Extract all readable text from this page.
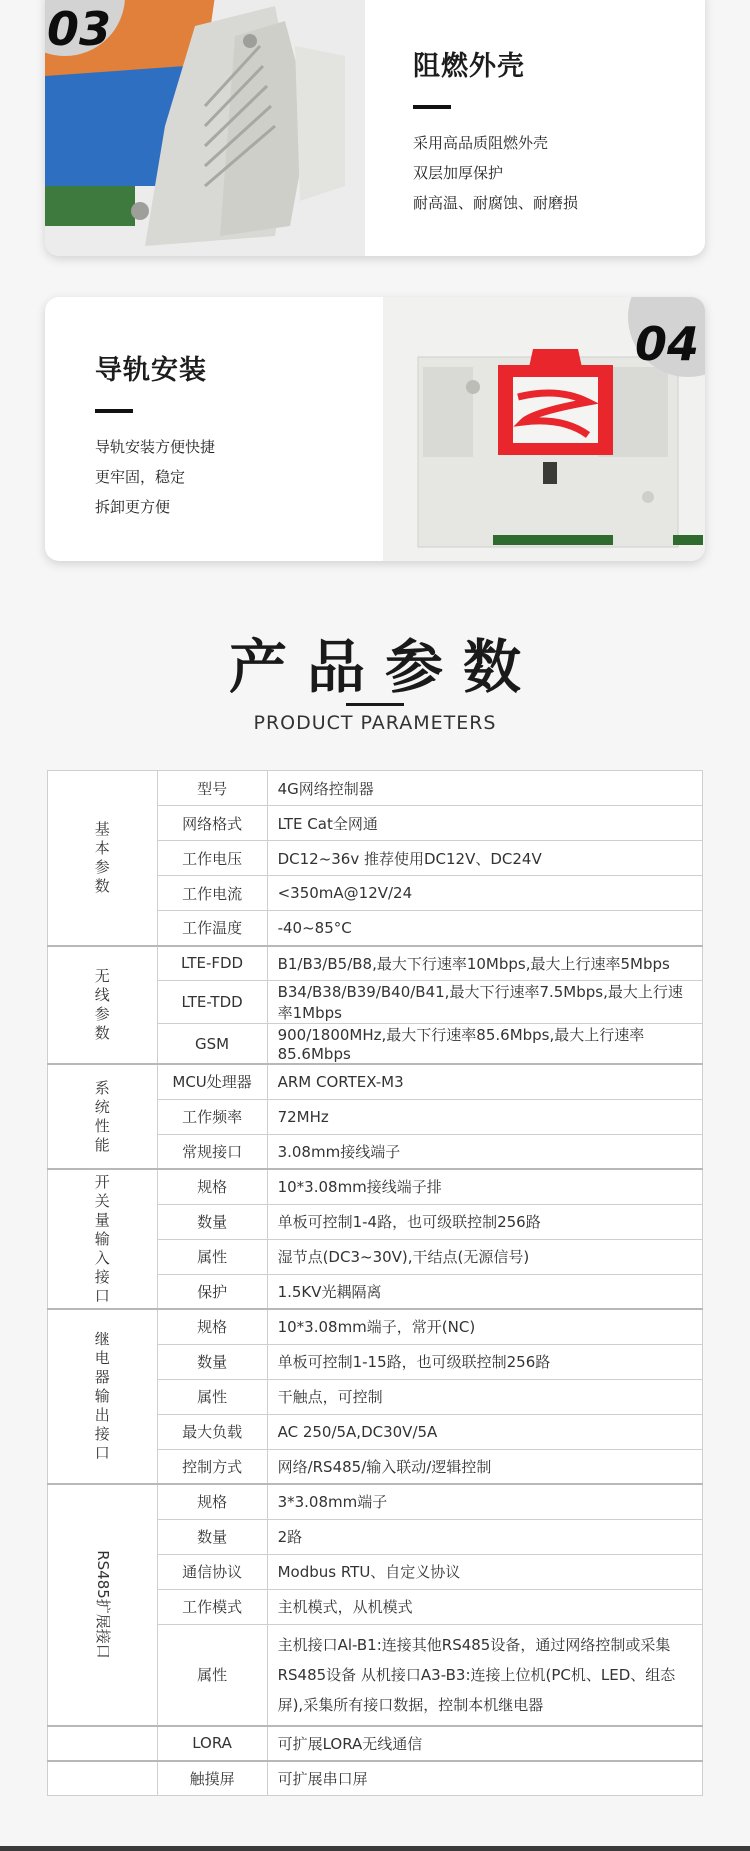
03
阻燃外壳
采用高品质阻燃外壳
双层加厚保护
耐高温、耐腐蚀、耐磨损
导轨安装
导轨安装方便快捷
更牢固，稳定
拆卸更方便
04
产品参数
PRODUCT PARAMETERS
基本参数	型号	4G网络控制器
	网络格式	LTE Cat全网通
	工作电压	DC12~36v 推荐使用DC12V、DC24V
	工作电流	<350mA@12V/24
	工作温度	-40~85°C
无线参数	LTE-FDD	B1/B3/B5/B8,最大下行速率10Mbps,最大上行速率5Mbps
	LTE-TDD	B34/B38/B39/B40/B41,最大下行速率7.5Mbps,最大上行速率1Mbps
	GSM	900/1800MHz,最大下行速率85.6Mbps,最大上行速率85.6Mbps
系统性能	MCU处理器	ARM CORTEX-M3
	工作频率	72MHz
	常规接口	3.08mm接线端子
开关量输入接口	规格	10*3.08mm接线端子排
	数量	单板可控制1-4路，也可级联控制256路
	属性	湿节点(DC3~30V),干结点(无源信号)
	保护	1.5KV光耦隔离
继电器输出接口	规格	10*3.08mm端子，常开(NC)
	数量	单板可控制1-15路，也可级联控制256路
	属性	干触点，可控制
	最大负载	AC 250/5A,DC30V/5A
	控制方式	网络/RS485/输入联动/逻辑控制
RS485扩展接口	规格	3*3.08mm端子
	数量	2路
	通信协议	Modbus RTU、自定义协议
	工作模式	主机模式，从机模式
	属性	主机接口Al-B1:连接其他RS485设备，通过网络控制或采集RS485设备 从机接口A3-B3:连接上位机(PC机、LED、组态屏),采集所有接口数据，控制本机继电器
	LORA	可扩展LORA无线通信
	触摸屏	可扩展串口屏
